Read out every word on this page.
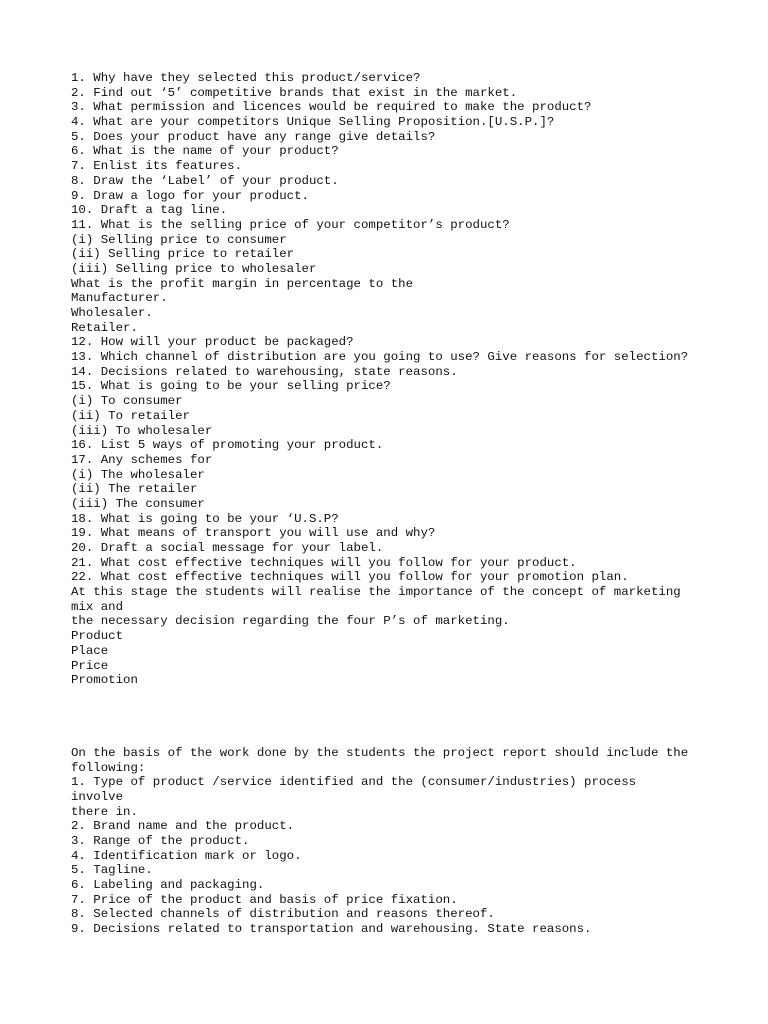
1. Why have they selected this product/service?
2. Find out ‘5’ competitive brands that exist in the market.
3. What permission and licences would be required to make the product?
4. What are your competitors Unique Selling Proposition.[U.S.P.]?
5. Does your product have any range give details?
6. What is the name of your product?
7. Enlist its features.
8. Draw the ‘Label’ of your product.
9. Draw a logo for your product.
10. Draft a tag line.
11. What is the selling price of your competitor’s product?
(i) Selling price to consumer
(ii) Selling price to retailer
(iii) Selling price to wholesaler
What is the profit margin in percentage to the
Manufacturer.
Wholesaler.
Retailer.
12. How will your product be packaged?
13. Which channel of distribution are you going to use? Give reasons for selection?
14. Decisions related to warehousing, state reasons.
15. What is going to be your selling price?
(i) To consumer
(ii) To retailer
(iii) To wholesaler
16. List 5 ways of promoting your product.
17. Any schemes for
(i) The wholesaler
(ii) The retailer
(iii) The consumer
18. What is going to be your ‘U.S.P?
19. What means of transport you will use and why?
20. Draft a social message for your label.
21. What cost effective techniques will you follow for your product.
22. What cost effective techniques will you follow for your promotion plan.
At this stage the students will realise the importance of the concept of marketing
mix and
the necessary decision regarding the four P’s of marketing.
Product
Place
Price
Promotion
On the basis of the work done by the students the project report should include the
following:
1. Type of product /service identified and the (consumer/industries) process
involve
there in.
2. Brand name and the product.
3. Range of the product.
4. Identification mark or logo.
5. Tagline.
6. Labeling and packaging.
7. Price of the product and basis of price fixation.
8. Selected channels of distribution and reasons thereof.
9. Decisions related to transportation and warehousing. State reasons.
